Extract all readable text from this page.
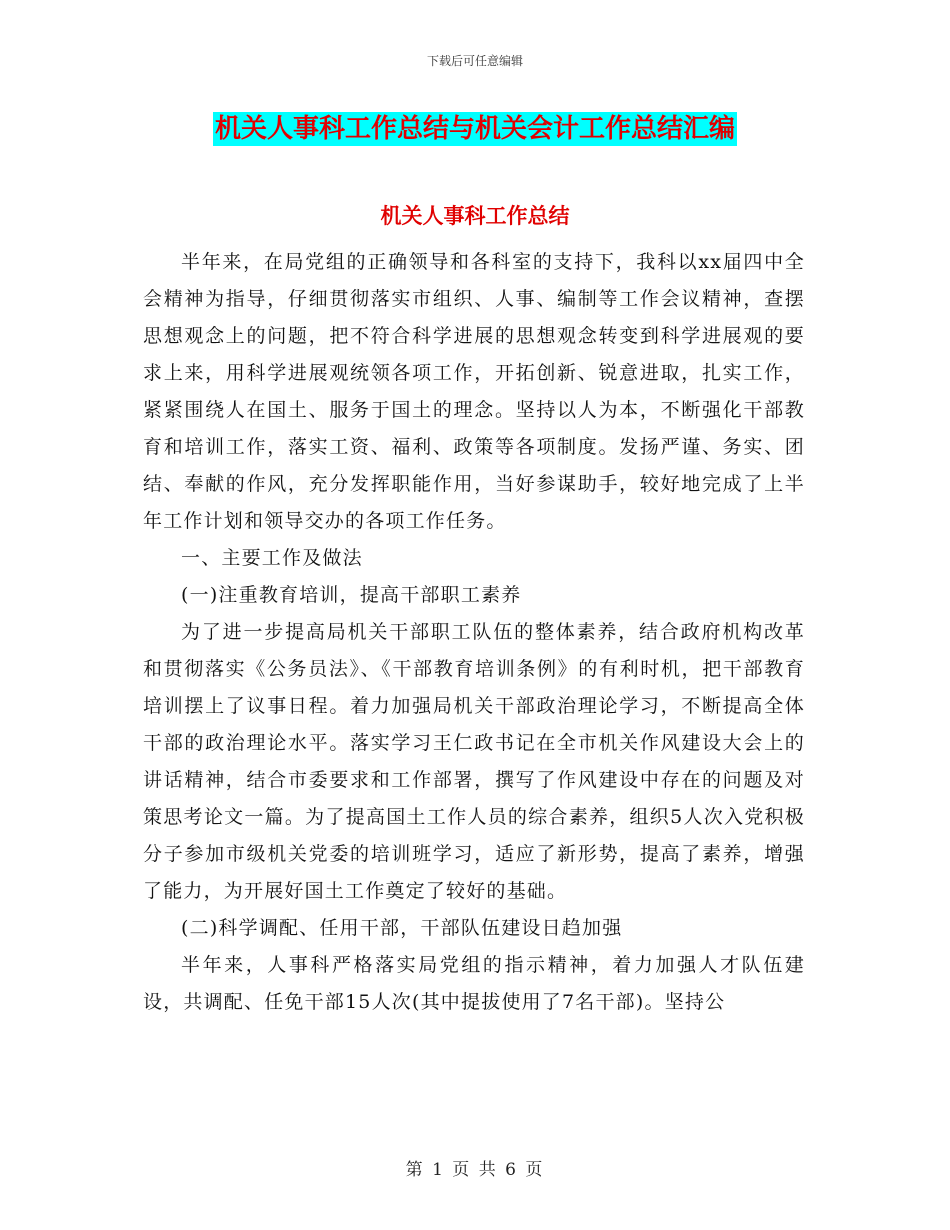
下载后可任意编辑
机关人事科工作总结与机关会计工作总结汇编
机关人事科工作总结

半年来，在局党组的正确领导和各科室的支持下，我科以xx届四中全会精神为指导，仔细贯彻落实市组织、人事、编制等工作会议精神，查摆思想观念上的问题，把不符合科学进展的思想观念转变到科学进展观的要求上来，用科学进展观统领各项工作，开拓创新、锐意进取，扎实工作，紧紧围绕人在国土、服务于国土的理念。坚持以人为本，不断强化干部教育和培训工作，落实工资、福利、政策等各项制度。发扬严谨、务实、团结、奉献的作风，充分发挥职能作用，当好参谋助手，较好地完成了上半年工作计划和领导交办的各项工作任务。

一、主要工作及做法

(一)注重教育培训，提高干部职工素养

为了进一步提高局机关干部职工队伍的整体素养，结合政府机构改革和贯彻落实《公务员法》、《干部教育培训条例》的有利时机，把干部教育培训摆上了议事日程。着力加强局机关干部政治理论学习，不断提高全体干部的政治理论水平。落实学习王仁政书记在全市机关作风建设大会上的讲话精神，结合市委要求和工作部署，撰写了作风建设中存在的问题及对策思考论文一篇。为了提高国土工作人员的综合素养，组织5人次入党积极分子参加市级机关党委的培训班学习，适应了新形势，提高了素养，增强了能力，为开展好国土工作奠定了较好的基础。

(二)科学调配、任用干部，干部队伍建设日趋加强

半年来，人事科严格落实局党组的指示精神，着力加强人才队伍建设，共调配、任免干部15人次(其中提拔使用了7名干部)。坚持公

第 1 页 共 6 页
